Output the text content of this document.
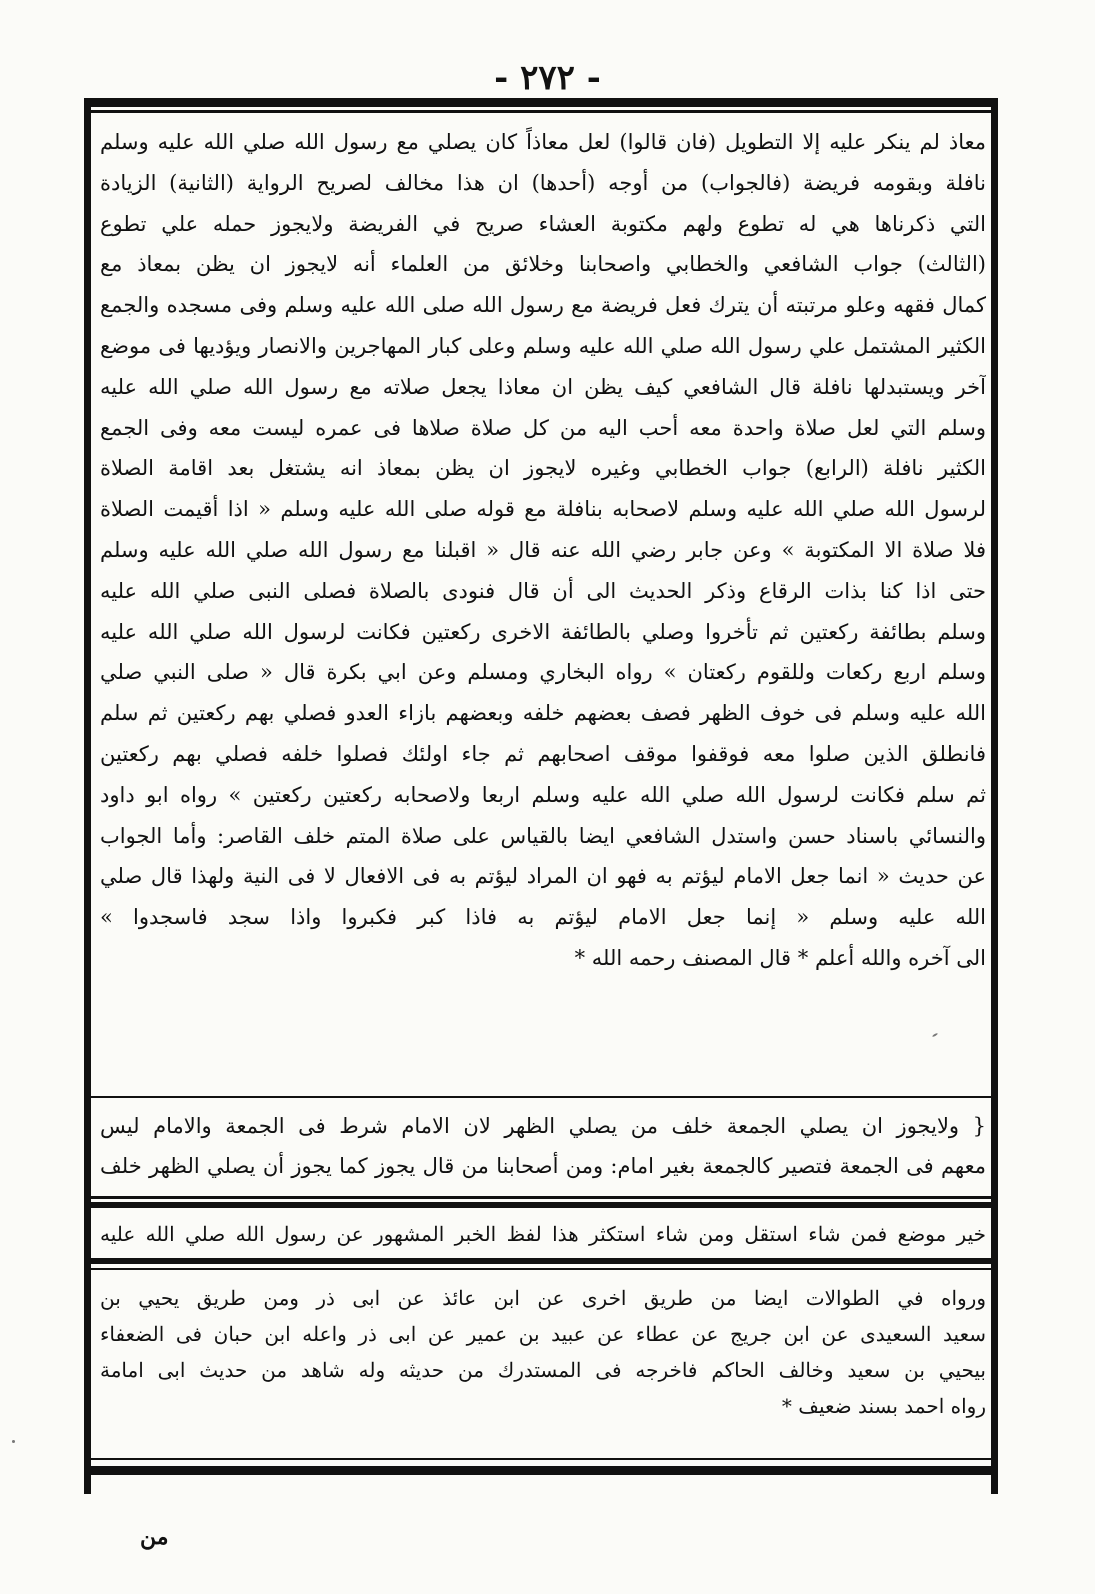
- ٢٧٢ -
معاذ لم ينكر عليه إلا التطويل (فان قالوا) لعل معاذاً كان يصلي مع رسول الله صلي الله عليه وسلم
نافلة وبقومه فريضة (فالجواب) من أوجه (أحدها) ان هذا مخالف لصريح الرواية (الثانية) الزيادة
التي ذكرناها هي له تطوع ولهم مكتوبة العشاء صريح في الفريضة ولايجوز حمله علي تطوع
(الثالث) جواب الشافعي والخطابي واصحابنا وخلائق من العلماء أنه لايجوز ان يظن بمعاذ مع
كمال فقهه وعلو مرتبته أن يترك فعل فريضة مع رسول الله صلى الله عليه وسلم وفى مسجده والجمع
الكثير المشتمل علي رسول الله صلي الله عليه وسلم وعلى كبار المهاجرين والانصار ويؤديها فى موضع
آخر ويستبدلها نافلة قال الشافعي كيف يظن ان معاذا يجعل صلاته مع رسول الله صلي الله عليه
وسلم التي لعل صلاة واحدة معه أحب اليه من كل صلاة صلاها فى عمره ليست معه وفى الجمع
الكثير نافلة (الرابع) جواب الخطابي وغيره لايجوز ان يظن بمعاذ انه يشتغل بعد اقامة الصلاة
لرسول الله صلي الله عليه وسلم لاصحابه بنافلة مع قوله صلى الله عليه وسلم « اذا أقيمت الصلاة
فلا صلاة الا المكتوبة » وعن جابر رضي الله عنه قال « اقبلنا مع رسول الله صلي الله عليه وسلم
حتى اذا كنا بذات الرقاع وذكر الحديث الى أن قال فنودى بالصلاة فصلى النبى صلي الله عليه
وسلم بطائفة ركعتين ثم تأخروا وصلي بالطائفة الاخرى ركعتين فكانت لرسول الله صلي الله عليه
وسلم اربع ركعات وللقوم ركعتان » رواه البخاري ومسلم وعن ابي بكرة قال « صلى النبي صلي
الله عليه وسلم فى خوف الظهر فصف بعضهم خلفه وبعضهم بازاء العدو فصلي بهم ركعتين ثم سلم
فانطلق الذين صلوا معه فوقفوا موقف اصحابهم ثم جاء اولئك فصلوا خلفه فصلي بهم ركعتين
ثم سلم فكانت لرسول الله صلي الله عليه وسلم اربعا ولاصحابه ركعتين ركعتين » رواه ابو داود
والنسائي باسناد حسن واستدل الشافعي ايضا بالقياس على صلاة المتم خلف القاصر: وأما الجواب
عن حديث « انما جعل الامام ليؤتم به فهو ان المراد ليؤتم به فى الافعال لا فى النية ولهذا قال صلي
الله عليه وسلم « إنما جعل الامام ليؤتم به فاذا كبر فكبروا واذا سجد فاسجدوا »
الى آخره والله أعلم * قال المصنف رحمه الله *
{ ولايجوز ان يصلي الجمعة خلف من يصلي الظهر لان الامام شرط فى الجمعة والامام ليس
معهم فى الجمعة فتصير كالجمعة بغير امام: ومن أصحابنا من قال يجوز كما يجوز أن يصلي الظهر خلف
خير موضع فمن شاء استقل ومن شاء استكثر هذا لفظ الخبر المشهور عن رسول الله صلي الله عليه
ورواه في الطوالات ايضا من طريق اخرى عن ابن عائذ عن ابى ذر ومن طريق يحيي بن
سعيد السعيدى عن ابن جريج عن عطاء عن عبيد بن عمير عن ابى ذر واعله ابن حبان فى الضعفاء
بيحيي بن سعيد وخالف الحاكم فاخرجه فى المستدرك من حديثه وله شاهد من حديث ابى امامة
رواه احمد بسند ضعيف *
من
